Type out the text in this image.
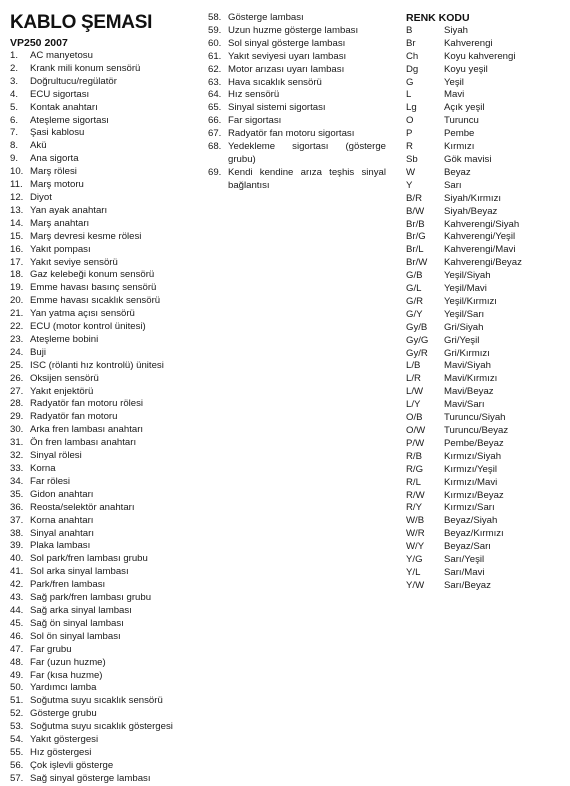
KABLO ŞEMASI
VP250 2007
1.	AC manyetosu
2.	Krank mili konum sensörü
3.	Doğrultucu/regülatör
4.	ECU sigortası
5.	Kontak anahtarı
6.	Ateşleme sigortası
7.	Şasi kablosu
8.	Akü
9.	Ana sigorta
10. Marş rölesi
11. Marş motoru
12. Diyot
13. Yan ayak anahtarı
14. Marş anahtarı
15. Marş devresi kesme rölesi
16. Yakıt pompası
17. Yakıt seviye sensörü
18. Gaz kelebeği konum sensörü
19. Emme havası basınç sensörü
20. Emme havası sıcaklık sensörü
21. Yan yatma açısı sensörü
22. ECU (motor kontrol ünitesi)
23. Ateşleme bobini
24. Buji
25. ISC (rölanti hız kontrolü) ünitesi
26. Oksijen sensörü
27. Yakıt enjektörü
28. Radyatör fan motoru rölesi
29. Radyatör fan motoru
30. Arka fren lambası anahtarı
31. Ön fren lambası anahtarı
32. Sinyal rölesi
33. Korna
34. Far rölesi
35. Gidon anahtarı
36. Reosta/selektör anahtarı
37. Korna anahtarı
38. Sinyal anahtarı
39. Plaka lambası
40. Sol park/fren lambası grubu
41. Sol arka sinyal lambası
42. Park/fren lambası
43. Sağ park/fren lambası grubu
44. Sağ arka sinyal lambası
45. Sağ ön sinyal lambası
46. Sol ön sinyal lambası
47. Far grubu
48. Far (uzun huzme)
49. Far (kısa huzme)
50. Yardımcı lamba
51. Soğutma suyu sıcaklık sensörü
52. Gösterge grubu
53. Soğutma suyu sıcaklık göstergesi
54. Yakıt göstergesi
55. Hız göstergesi
56. Çok işlevli gösterge
57. Sağ sinyal gösterge lambası
58. Gösterge lambası
59. Uzun huzme gösterge lambası
60. Sol sinyal gösterge lambası
61. Yakıt seviyesi uyarı lambası
62. Motor arızası uyarı lambası
63. Hava sıcaklık sensörü
64. Hız sensörü
65. Sinyal sistemi sigortası
66. Far sigortası
67. Radyatör fan motoru sigortası
68. Yedekleme sigortası (gösterge grubu)
69. Kendi kendine arıza teşhis sinyal bağlantısı
RENK KODU
B	Siyah
Br	Kahverengi
Ch	Koyu kahverengi
Dg	Koyu yeşil
G	Yeşil
L	Mavi
Lg	Açık yeşil
O	Turuncu
P	Pembe
R	Kırmızı
Sb	Gök mavisi
W	Beyaz
Y	Sarı
B/R	Siyah/Kırmızı
B/W	Siyah/Beyaz
Br/B	Kahverengi/Siyah
Br/G	Kahverengi/Yeşil
Br/L	Kahverengi/Mavi
Br/W	Kahverengi/Beyaz
G/B	Yeşil/Siyah
G/L	Yeşil/Mavi
G/R	Yeşil/Kırmızı
G/Y	Yeşil/Sarı
Gy/B	Gri/Siyah
Gy/G	Gri/Yeşil
Gy/R	Gri/Kırmızı
L/B	Mavi/Siyah
L/R	Mavi/Kırmızı
L/W	Mavi/Beyaz
L/Y	Mavi/Sarı
O/B	Turuncu/Siyah
O/W	Turuncu/Beyaz
P/W	Pembe/Beyaz
R/B	Kırmızı/Siyah
R/G	Kırmızı/Yeşil
R/L	Kırmızı/Mavi
R/W	Kırmızı/Beyaz
R/Y	Kırmızı/Sarı
W/B	Beyaz/Siyah
W/R	Beyaz/Kırmızı
W/Y	Beyaz/Sarı
Y/G	Sarı/Yeşil
Y/L	Sarı/Mavi
Y/W	Sarı/Beyaz
